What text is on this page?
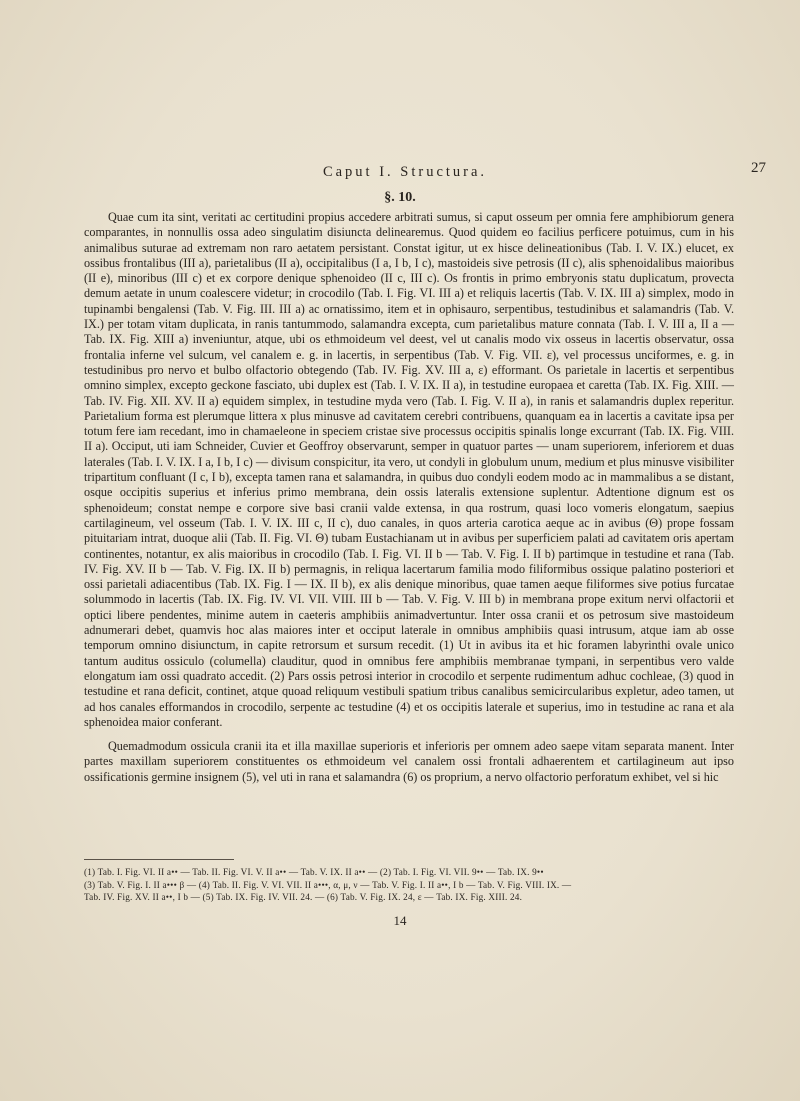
Caput I. Structura.	27
§. 10.

Quae cum ita sint, veritati ac certitudini propius accedere arbitrati sumus, si caput osseum per omnia fere amphibiorum genera comparantes, in nonnullis ossa adeo singulatim disiuncta delinearemus. Quod quidem eo facilius perficere potuimus, cum in his animalibus suturae ad extremam non raro aetatem persistant. Constat igitur, ut ex hisce delineationibus (Tab. I. V. IX.) elucet, ex ossibus frontalibus (III a), parietalibus (II a), occipitalibus (I a, I b, I c), mastoideis sive petrosis (II c), alis sphenoidalibus maioribus (II e), minoribus (III c) et ex corpore denique sphenoideo (II c, III c). Os frontis in primo embryonis statu duplicatum, provecta demum aetate in unum coalescere videtur; in crocodilo (Tab. I. Fig. VI. III a) et reliquis lacertis (Tab. V. IX. III a) simplex, modo in tupinambi bengalensi (Tab. V. Fig. III. III a) ac ornatissimo, item et in ophisauro, serpentibus, testudinibus et salamandris (Tab. V. IX.) per totam vitam duplicata, in ranis tantummodo, salamandra excepta, cum parietalibus mature connata (Tab. I. V. III a, II a — Tab. IX. Fig. XIII a) inveniuntur, atque, ubi os ethmoideum vel deest, vel ut canalis modo vix osseus in lacertis observatur, ossa frontalia inferne vel sulcum, vel canalem e. g. in lacertis, in serpentibus (Tab. V. Fig. VII. ε), vel processus unciformes, e. g. in testudinibus pro nervo et bulbo olfactorio obtegendo (Tab. IV. Fig. XV. III a, ε) efformant. Os parietale in lacertis et serpentibus omnino simplex, excepto geckone fasciato, ubi duplex est (Tab. I. V. IX. II a), in testudine europaea et caretta (Tab. IX. Fig. XIII. — Tab. IV. Fig. XII. XV. II a) equidem simplex, in testudine myda vero (Tab. I. Fig. V. II a), in ranis et salamandris duplex reperitur. Parietalium forma est plerumque littera x plus minusve ad cavitatem cerebri contribuens, quanquam ea in lacertis a cavitate ipsa per totum fere iam recedant, imo in chamaeleone in speciem cristae sive processus occipitis spinalis longe excurrant (Tab. IX. Fig. VIII. II a). Occiput, uti iam Schneider, Cuvier et Geoffroy observarunt, semper in quatuor partes — unam superiorem, inferiorem et duas laterales (Tab. I. V. IX. I a, I b, I c) — divisum conspicitur, ita vero, ut condyli in globulum unum, medium et plus minusve visibiliter tripartitum confluant (I c, I b), excepta tamen rana et salamandra, in quibus duo condyli eodem modo ac in mammalibus a se distant, osque occipitis superius et inferius primo membrana, dein ossis lateralis extensione suplentur. Adtentione dignum est os sphenoideum; constat nempe e corpore sive basi cranii valde extensa, in qua rostrum, quasi loco vomeris elongatum, saepius cartilagineum, vel osseum (Tab. I. V. IX. III c, II c), duo canales, in quos arteria carotica aeque ac in avibus (Θ) prope fossam pituitariam intrat, duoque alii (Tab. II. Fig. VI. Θ) tubam Eustachianam ut in avibus per superficiem palati ad cavitatem oris apertam continentes, notantur, ex alis maioribus in crocodilo (Tab. I. Fig. VI. II b — Tab. V. Fig. I. II b) partimque in testudine et rana (Tab. IV. Fig. XV. II b — Tab. V. Fig. IX. II b) permagnis, in reliqua lacertarum familia modo filiformibus ossique palatino posteriori et ossi parietali adiacentibus (Tab. IX. Fig. I — IX. II b), ex alis denique minoribus, quae tamen aeque filiformes sive potius furcatae solummodo in lacertis (Tab. IX. Fig. IV. VI. VII. VIII. III b — Tab. V. Fig. V. III b) in membrana prope exitum nervi olfactorii et optici libere pendentes, minime autem in caeteris amphibiis animadvertuntur. Inter ossa cranii et os petrosum sive mastoideum adnumerari debet, quamvis hoc alas maiores inter et occiput laterale in omnibus amphibiis quasi intrusum, atque iam ab osse temporum omnino disiunctum, in capite retrorsum et sursum recedit. (1) Ut in avibus ita et hic foramen labyrinthi ovale unico tantum auditus ossiculo (columella) clauditur, quod in omnibus fere amphibiis membranae tympani, in serpentibus vero valde elongatum iam ossi quadrato accedit. (2) Pars ossis petrosi interior in crocodilo et serpente rudimentum adhuc cochleae, (3) quod in testudine et rana deficit, continet, atque quoad reliquum vestibuli spatium tribus canalibus semicircularibus expletur, adeo tamen, ut ad hos canales efformandos in crocodilo, serpente ac testudine (4) et os occipitis laterale et superius, imo in testudine ac rana et ala sphenoidea maior conferant.

Quemadmodum ossicula cranii ita et illa maxillae superioris et inferioris per omnem adeo saepe vitam separata manent. Inter partes maxillam superiorem constituentes os ethmoideum vel canalem ossi frontali adhaerentem et cartilagineum aut ipso ossificationis germine insignem (5), vel uti in rana et salamandra (6) os proprium, a nervo olfactorio perforatum exhibet, vel si hic

(1) Tab. I. Fig. VI. II a•• — Tab. II. Fig. VI. V. II a•• — Tab. V. IX. II a•• — (2) Tab. I. Fig. VI. VII. 9•• — Tab. IX. 9••
(3) Tab. V. Fig. I. II a••• β — (4) Tab. II. Fig. V. VI. VII. II a•••, α, μ, ν — Tab. V. Fig. I. II a••, I b — Tab. V. Fig. VIII. IX. —
Tab. IV. Fig. XV. II a••, I b — (5) Tab. IX. Fig. IV. VII. 24. — (6) Tab. V. Fig. IX. 24, ε — Tab. IX. Fig. XIII. 24.
14
